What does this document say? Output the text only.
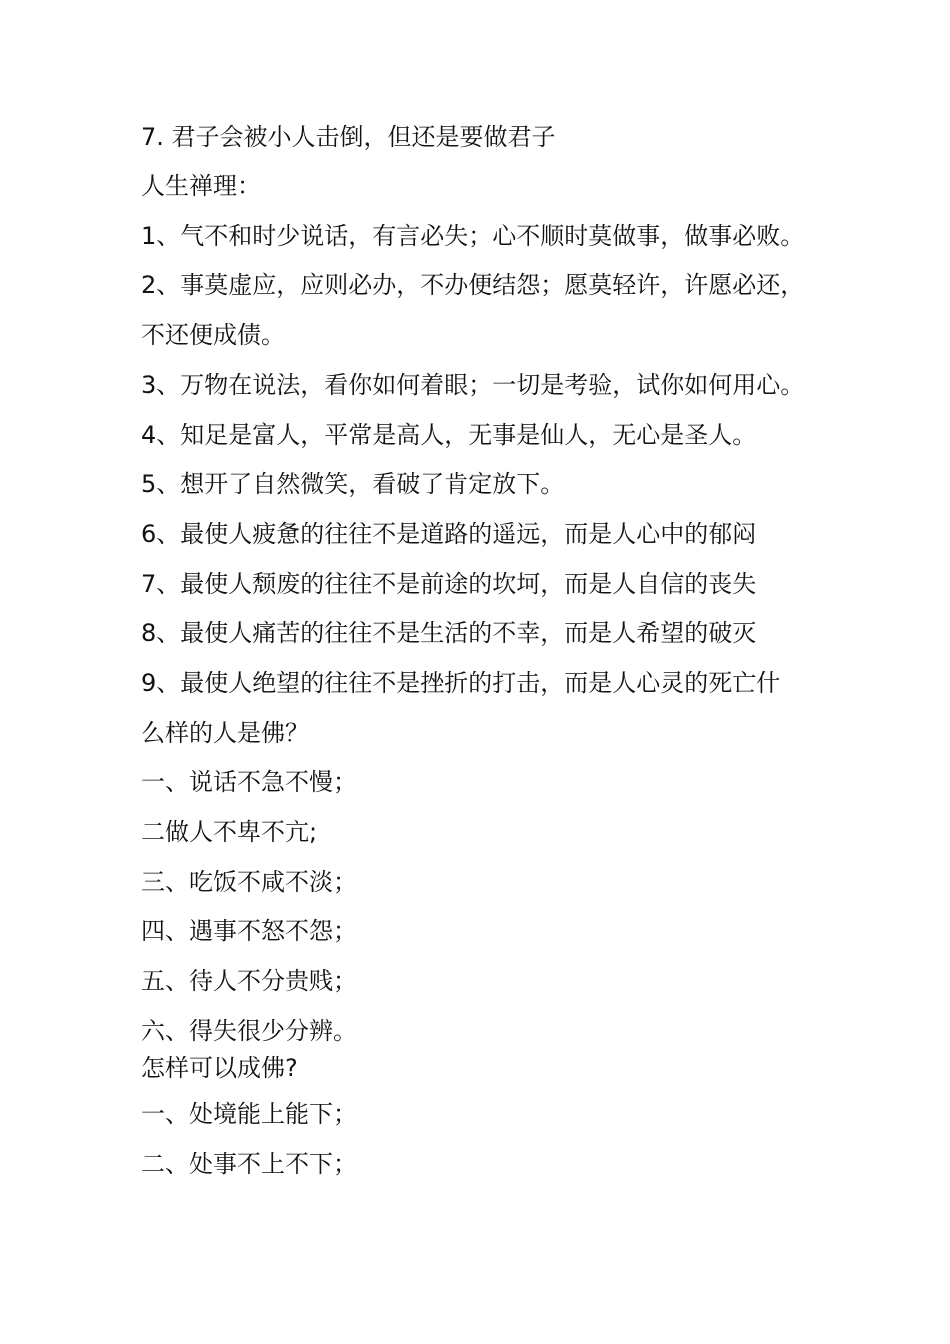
7. 君子会被小人击倒，但还是要做君子
人生禅理：
1、气不和时少说话，有言必失；心不顺时莫做事，做事必败。
2、事莫虚应，应则必办，不办便结怨；愿莫轻许，许愿必还，
不还便成债。
3、万物在说法，看你如何着眼；一切是考验，试你如何用心。
4、知足是富人，平常是高人，无事是仙人，无心是圣人。
5、想开了自然微笑，看破了肯定放下。
6、最使人疲惫的往往不是道路的遥远，而是人心中的郁闷
7、最使人颓废的往往不是前途的坎坷，而是人自信的丧失
8、最使人痛苦的往往不是生活的不幸，而是人希望的破灭
9、最使人绝望的往往不是挫折的打击，而是人心灵的死亡什
么样的人是佛？
一、说话不急不慢；
二做人不卑不亢;
三、吃饭不咸不淡；
四、遇事不怒不怨；
五、待人不分贵贱；
六、得失很少分辨。
怎样可以成佛?
一、处境能上能下；
二、处事不上不下；
